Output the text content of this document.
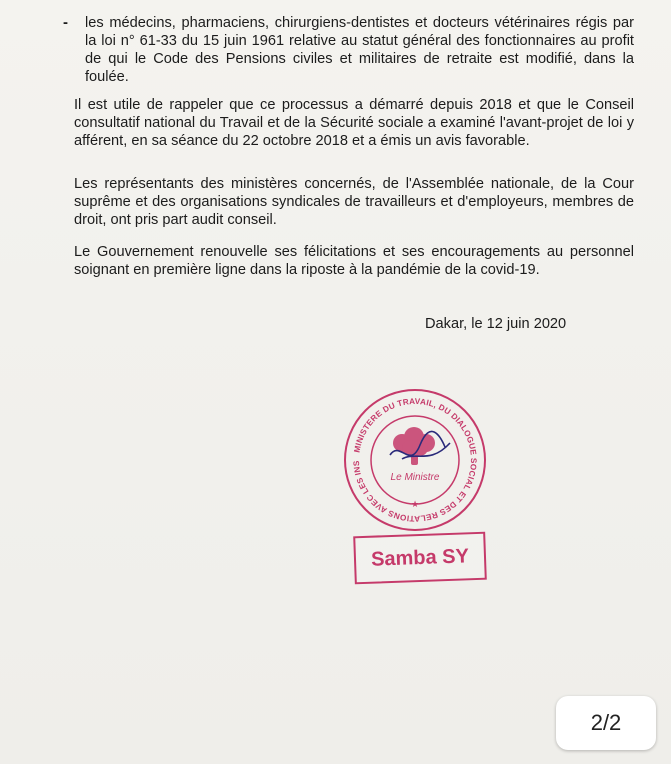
- les médecins, pharmaciens, chirurgiens-dentistes et docteurs vétérinaires régis par la loi n° 61-33 du 15 juin 1961 relative au statut général des fonctionnaires au profit de qui le Code des Pensions civiles et militaires de retraite est modifié, dans la foulée.
Il est utile de rappeler que ce processus a démarré depuis 2018 et que le Conseil consultatif national du Travail et de la Sécurité sociale a examiné l'avant-projet de loi y afférent, en sa séance du 22 octobre 2018 et a émis un avis favorable.
Les représentants des ministères concernés, de l'Assemblée nationale, de la Cour suprême et des organisations syndicales de travailleurs et d'employeurs, membres de droit, ont pris part audit conseil.
Le Gouvernement renouvelle ses félicitations et ses encouragements au personnel soignant en première ligne dans la riposte à la pandémie de la covid-19.
Dakar, le 12 juin 2020
MINISTERE DU TRAVAIL, DU DIALOGUE SOCIAL ET DES RELATIONS AVEC LES INS
Le Ministre
★
Samba SY
2/2
